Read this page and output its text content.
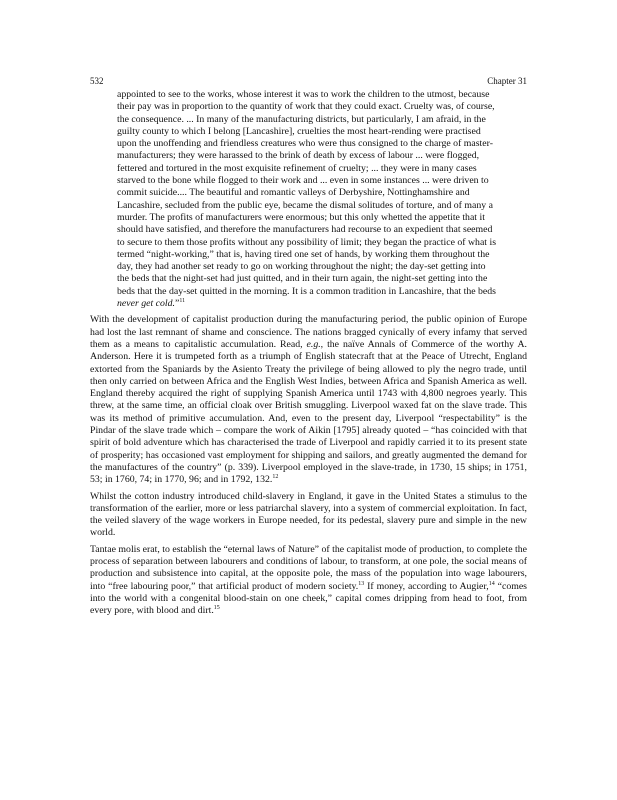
532	Chapter 31
appointed to see to the works, whose interest it was to work the children to the utmost, because their pay was in proportion to the quantity of work that they could exact. Cruelty was, of course, the consequence. ... In many of the manufacturing districts, but particularly, I am afraid, in the guilty county to which I belong [Lancashire], cruelties the most heart-rending were practised upon the unoffending and friendless creatures who were thus consigned to the charge of master-manufacturers; they were harassed to the brink of death by excess of labour ... were flogged, fettered and tortured in the most exquisite refinement of cruelty; ... they were in many cases starved to the bone while flogged to their work and ... even in some instances ... were driven to commit suicide.... The beautiful and romantic valleys of Derbyshire, Nottinghamshire and Lancashire, secluded from the public eye, became the dismal solitudes of torture, and of many a murder. The profits of manufacturers were enormous; but this only whetted the appetite that it should have satisfied, and therefore the manufacturers had recourse to an expedient that seemed to secure to them those profits without any possibility of limit; they began the practice of what is termed “night-working,” that is, having tired one set of hands, by working them throughout the day, they had another set ready to go on working throughout the night; the day-set getting into the beds that the night-set had just quitted, and in their turn again, the night-set getting into the beds that the day-set quitted in the morning. It is a common tradition in Lancashire, that the beds never get cold.”$^{11}$

With the development of capitalist production during the manufacturing period, the public opinion of Europe had lost the last remnant of shame and conscience. The nations bragged cynically of every infamy that served them as a means to capitalistic accumulation. Read, e.g., the naïve Annals of Commerce of the worthy A. Anderson. Here it is trumpeted forth as a triumph of English statecraft that at the Peace of Utrecht, England extorted from the Spaniards by the Asiento Treaty the privilege of being allowed to ply the negro trade, until then only carried on between Africa and the English West Indies, between Africa and Spanish America as well. England thereby acquired the right of supplying Spanish America until 1743 with 4,800 negroes yearly. This threw, at the same time, an official cloak over British smuggling. Liverpool waxed fat on the slave trade. This was its method of primitive accumulation. And, even to the present day, Liverpool “respectability” is the Pindar of the slave trade which – compare the work of Aikin [1795] already quoted – “has coincided with that spirit of bold adventure which has characterised the trade of Liverpool and rapidly carried it to its present state of prosperity; has occasioned vast employment for shipping and sailors, and greatly augmented the demand for the manufactures of the country” (p. 339). Liverpool employed in the slave-trade, in 1730, 15 ships; in 1751, 53; in 1760, 74; in 1770, 96; and in 1792, 132.12

Whilst the cotton industry introduced child-slavery in England, it gave in the United States a stimulus to the transformation of the earlier, more or less patriarchal slavery, into a system of commercial exploitation. In fact, the veiled slavery of the wage workers in Europe needed, for its pedestal, slavery pure and simple in the new world.

Tantae molis erat, to establish the “eternal laws of Nature” of the capitalist mode of production, to complete the process of separation between labourers and conditions of labour, to transform, at one pole, the social means of production and subsistence into capital, at the opposite pole, the mass of the population into wage labourers, into “free labouring poor,” that artificial product of modern society.$^{13}$ If money, according to Augier,$^{14}$ “comes into the world with a congenital blood-stain on one cheek,” capital comes dripping from head to foot, from every pore, with blood and dirt.$^{15}$
